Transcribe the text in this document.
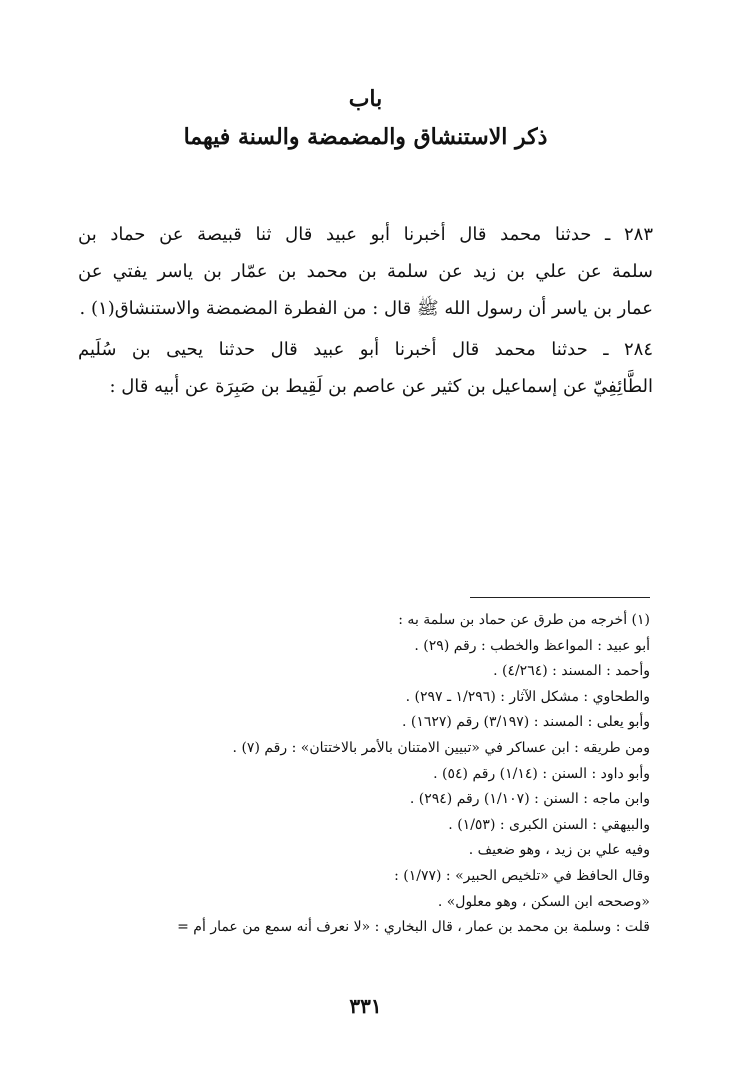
باب
ذكر الاستنشاق والمضمضة والسنة فيهما
٢٨٣ ـ حدثنا محمد قال أخبرنا أبو عبيد قال ثنا قبيصة عن حماد بن
سلمة عن علي بن زيد عن سلمة بن محمد بن عمّار بن ياسر يفتي عن
عمار بن ياسر أن رسول الله ﷺ قال : من الفطرة المضمضة والاستنشاق(١) .
٢٨٤ ـ حدثنا محمد قال أخبرنا أبو عبيد قال حدثنا يحيى بن سُلَيم
الطَّائِفِيّ عن إسماعيل بن كثير عن عاصم بن لَقِيط بن صَبِرَة عن أبيه قال :
(١) أخرجه من طرق عن حماد بن سلمة به :
أبو عبيد : المواعظ والخطب : رقم (٢٩) .
وأحمد : المسند : (٤/٢٦٤) .
والطحاوي : مشكل الآثار : (١/٢٩٦ ـ ٢٩٧) .
وأبو يعلى : المسند : (٣/١٩٧) رقم (١٦٢٧) .
ومن طريقه : ابن عساكر في «تبيين الامتنان بالأمر بالاختتان» : رقم (٧) .
وأبو داود : السنن : (١/١٤) رقم (٥٤) .
وابن ماجه : السنن : (١/١٠٧) رقم (٢٩٤) .
والبيهقي : السنن الكبرى : (١/٥٣) .
وفيه علي بن زيد ، وهو ضعيف .
وقال الحافظ في «تلخيص الحبير» : (١/٧٧) :
«وصححه ابن السكن ، وهو معلول» .
قلت : وسلمة بن محمد بن عمار ، قال البخاري : «لا نعرف أنه سمع من عمار أم =
٣٣١
